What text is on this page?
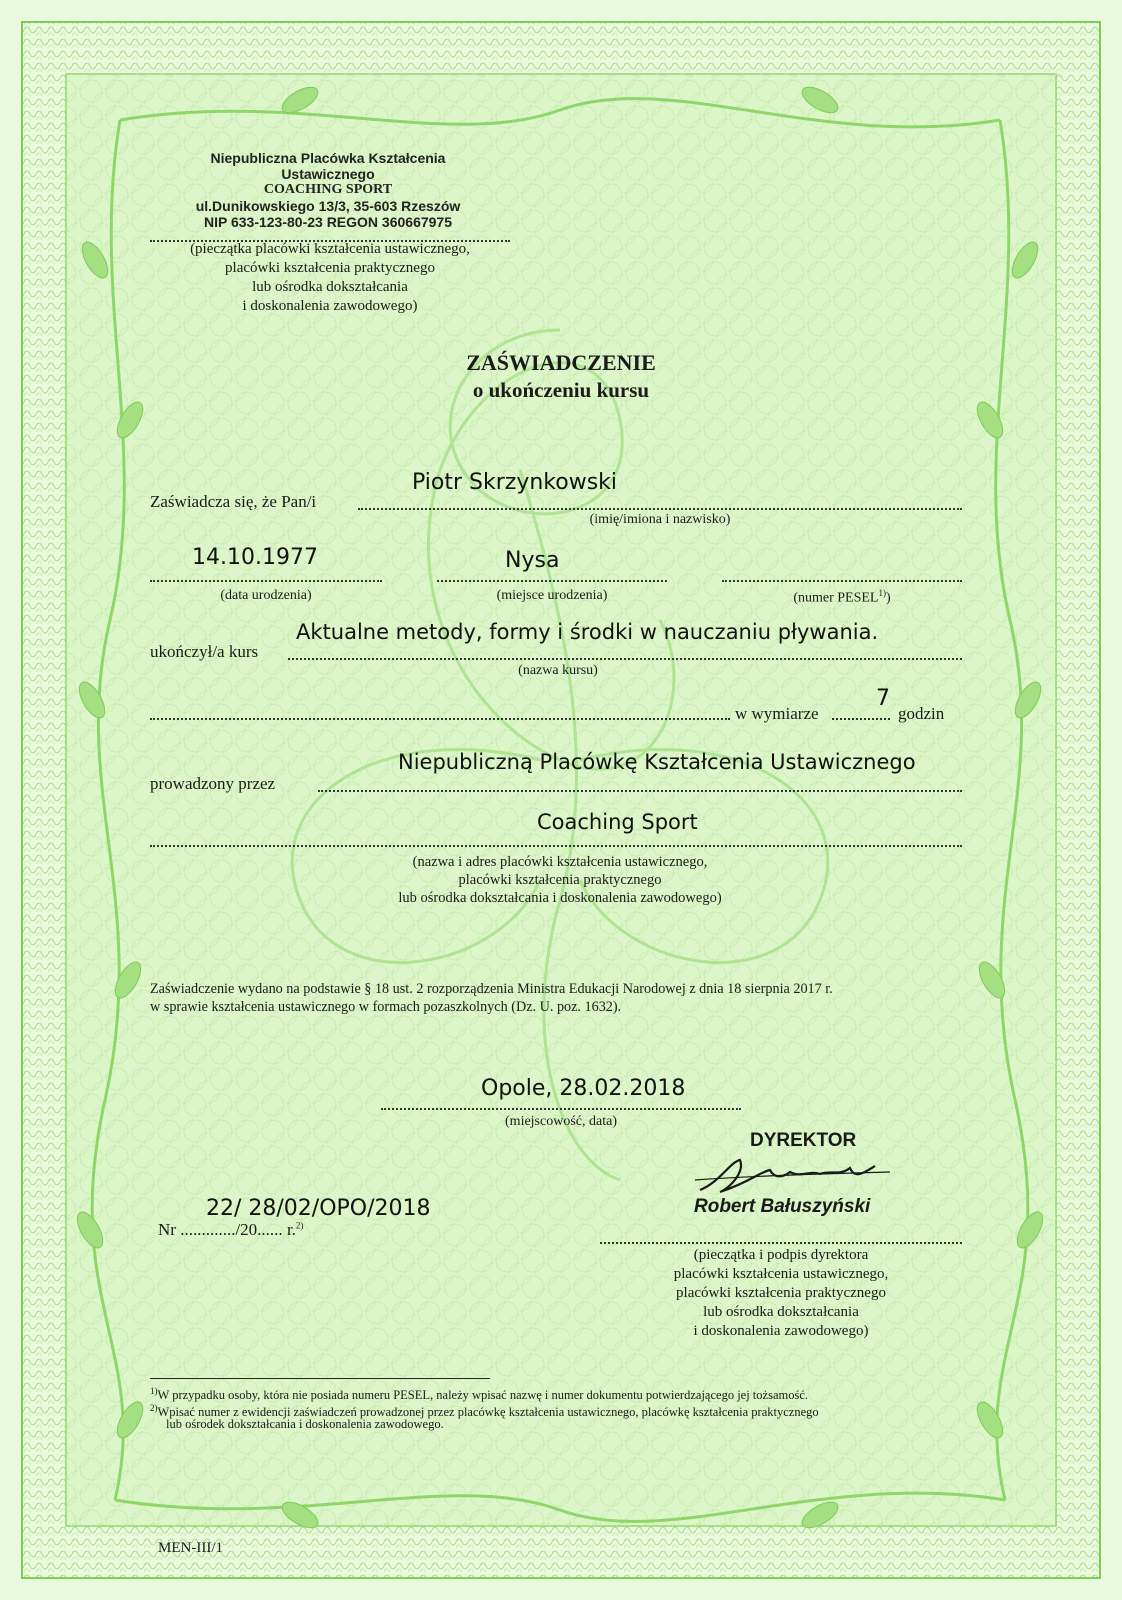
Niepubliczna Placówka Kształcenia
Ustawicznego
COACHING SPORT
ul.Dunikowskiego 13/3, 35-603 Rzeszów
NIP 633-123-80-23 REGON 360667975
(pieczątka placówki kształcenia ustawicznego,
placówki kształcenia praktycznego
lub ośrodka dokształcania
i doskonalenia zawodowego)
ZAŚWIADCZENIE
o ukończeniu kursu
Zaświadcza się, że Pan/i
Piotr Skrzynkowski
(imię/imiona i nazwisko)
14.10.1977	Nysa
(data urodzenia)	(miejsce urodzenia)	(numer PESEL$^{1)}$)
Aktualne metody, formy i środki w nauczaniu pływania.
ukończył/a kurs
(nazwa kursu)
w wymiarze
7
godzin
Niepubliczną Placówkę Kształcenia Ustawicznego
prowadzony przez
Coaching Sport
(nazwa i adres placówki kształcenia ustawicznego,
placówki kształcenia praktycznego
lub ośrodka dokształcania i doskonalenia zawodowego)
Zaświadczenie wydano na podstawie § 18 ust. 2 rozporządzenia Ministra Edukacji Narodowej z dnia 18 sierpnia 2017 r.
w sprawie kształcenia ustawicznego w formach pozaszkolnych (Dz. U. poz. 1632).
Opole, 28.02.2018
(miejscowość, data)
DYREKTOR
Robert Bałuszyński
(pieczątka i podpis dyrektora
placówki kształcenia ustawicznego,
placówki kształcenia praktycznego
lub ośrodka dokształcania
i doskonalenia zawodowego)
22/ 28/02/OPO/2018
Nr ............./20...... r.$^{2)}$
$^{1)}$W przypadku osoby, która nie posiada numeru PESEL, należy wpisać nazwę i numer dokumentu potwierdzającego jej tożsamość.
$^{2)}$Wpisać numer z ewidencji zaświadczeń prowadzonej przez placówkę kształcenia ustawicznego, placówkę kształcenia praktycznego
lub ośrodek dokształcania i doskonalenia zawodowego.
MEN-III/1
